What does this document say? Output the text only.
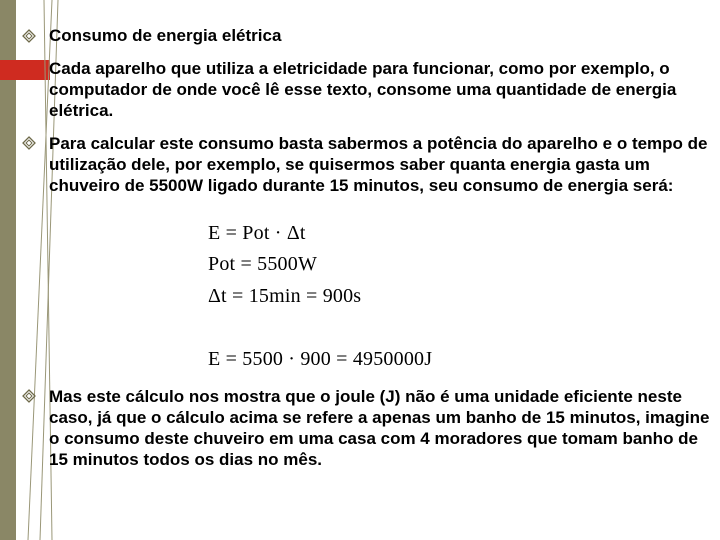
Consumo de energia elétrica
Cada aparelho que utiliza a eletricidade para funcionar, como por exemplo, o computador de onde você lê esse texto, consome uma quantidade de energia elétrica.
Para calcular este consumo basta sabermos a potência do aparelho e o tempo de utilização dele, por exemplo, se quisermos saber quanta energia gasta um chuveiro de 5500W ligado durante 15 minutos, seu consumo de energia será:
E = Pot · Δt
Pot = 5500W
Δt = 15min = 900s
E = 5500 · 900 = 4950000J
Mas este cálculo nos mostra que o joule (J) não é uma unidade eficiente neste caso, já que o cálculo acima se refere a apenas um banho de 15 minutos, imagine o consumo deste chuveiro em uma casa com 4 moradores que tomam banho de 15 minutos todos os dias no mês.
